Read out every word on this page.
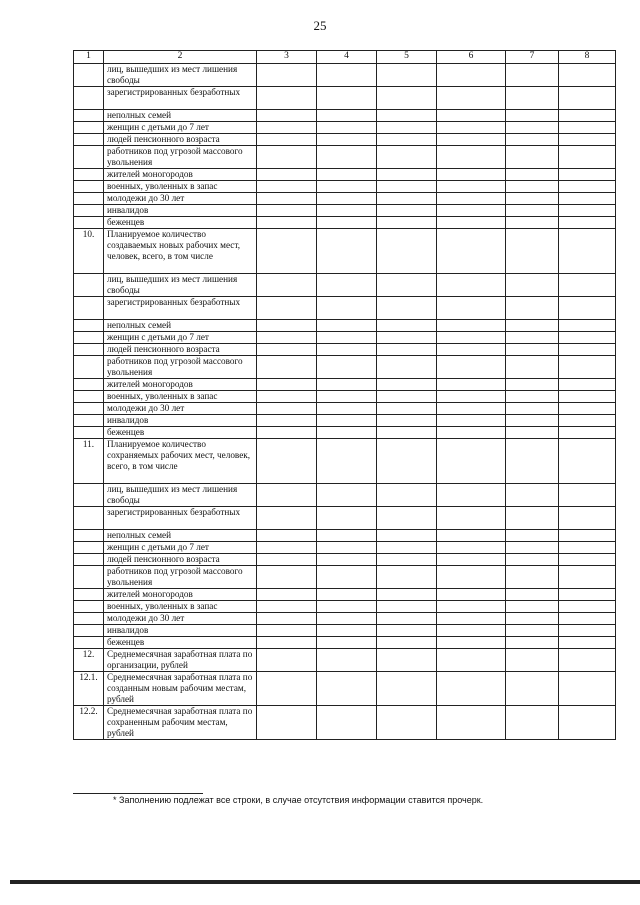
25
1	2	3	4	5	6	7	8
	лиц, вышедших из мест лишения свободы						
	зарегистрированных безработных						
	неполных семей						
	женщин с детьми до 7 лет						
	людей пенсионного возраста						
	работников под угрозой массового увольнения						
	жителей моногородов						
	военных, уволенных в запас						
	молодежи до 30 лет						
	инвалидов						
	беженцев						
10.	Планируемое количество создаваемых новых рабочих мест, человек, всего, в том числе						
	лиц, вышедших из мест лишения свободы						
	зарегистрированных безработных						
	неполных семей						
	женщин с детьми до 7 лет						
	людей пенсионного возраста						
	работников под угрозой массового увольнения						
	жителей моногородов						
	военных, уволенных в запас						
	молодежи до 30 лет						
	инвалидов						
	беженцев						
11.	Планируемое количество сохраняемых рабочих мест, человек, всего, в том числе						
	лиц, вышедших из мест лишения свободы						
	зарегистрированных безработных						
	неполных семей						
	женщин с детьми до 7 лет						
	людей пенсионного возраста						
	работников под угрозой массового увольнения						
	жителей моногородов						
	военных, уволенных в запас						
	молодежи до 30 лет						
	инвалидов						
	беженцев						
12.	Среднемесячная заработная плата по организации, рублей						
12.1.	Среднемесячная заработная плата по созданным новым рабочим местам, рублей						
12.2.	Среднемесячная заработная плата по сохраненным рабочим местам, рублей						
* Заполнению подлежат все строки, в случае отсутствия информации ставится прочерк.
